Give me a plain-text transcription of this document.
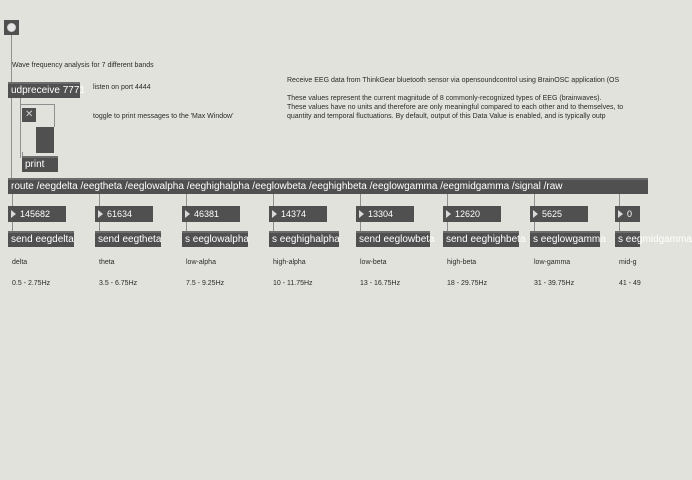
Wave frequency analysis for 7 different bands
udpreceive 7771 listen on port 4444
✕	toggle to print messages to the 'Max Window'
print
Receive EEG data from ThinkGear bluetooth sensor via opensoundcontrol using BrainOSC application (OS
These values represent the current magnitude of 8 commonly-recognized types of EEG (brainwaves).
These values have no units and therefore are only meaningful compared to each other and to themselves, to
quantity and temporal fluctuations. By default, output of this Data Value is enabled, and is typically outp
route /eegdelta /eegtheta /eeglowalpha /eeghighalpha /eeglowbeta /eeghighbeta /eeglowgamma /eegmidgamma /signal /raw
145682
send eegdelta
delta
0.5 - 2.75Hz
61634
send eegtheta
theta
3.5 - 6.75Hz
46381
s eeglowalpha
low-alpha
7.5 - 9.25Hz
14374
s eeghighalpha
high-alpha
10 - 11.75Hz
13304
send eeglowbeta
low-beta
13 - 16.75Hz
12620
send eeghighbeta
high-beta
18 - 29.75Hz
5625
s eeglowgamma
low-gamma
31 - 39.75Hz
0
s eegmidgamma
mid-g
41 - 49
